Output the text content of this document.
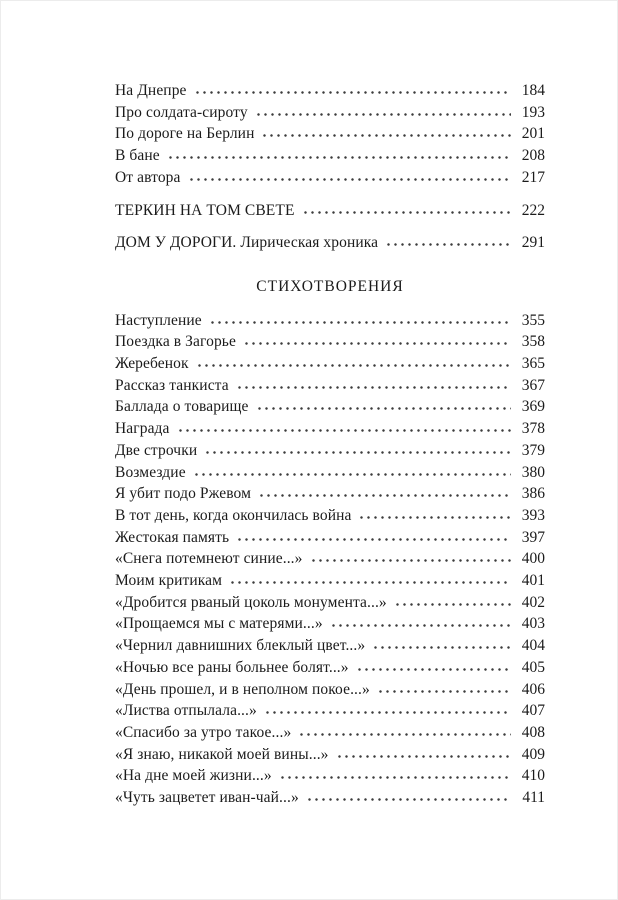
На Днепре	184
Про солдата-сироту	193
По дороге на Берлин	201
В бане	208
От автора	217
ТЕРКИН НА ТОМ СВЕТЕ	222
ДОМ У ДОРОГИ. Лирическая хроника	291
СТИХОТВОРЕНИЯ
Наступление	355
Поездка в Загорье	358
Жеребенок	365
Рассказ танкиста	367
Баллада о товарище	369
Награда	378
Две строчки	379
Возмездие	380
Я убит подо Ржевом	386
В тот день, когда окончилась война	393
Жестокая память	397
«Снега потемнеют синие...»	400
Моим критикам	401
«Дробится рваный цоколь монумента...»	402
«Прощаемся мы с матерями...»	403
«Чернил давнишних блеклый цвет...»	404
«Ночью все раны больнее болят...»	405
«День прошел, и в неполном покое...»	406
«Листва отпылала...»	407
«Спасибо за утро такое...»	408
«Я знаю, никакой моей вины...»	409
«На дне моей жизни...»	410
«Чуть зацветет иван-чай...»	411
